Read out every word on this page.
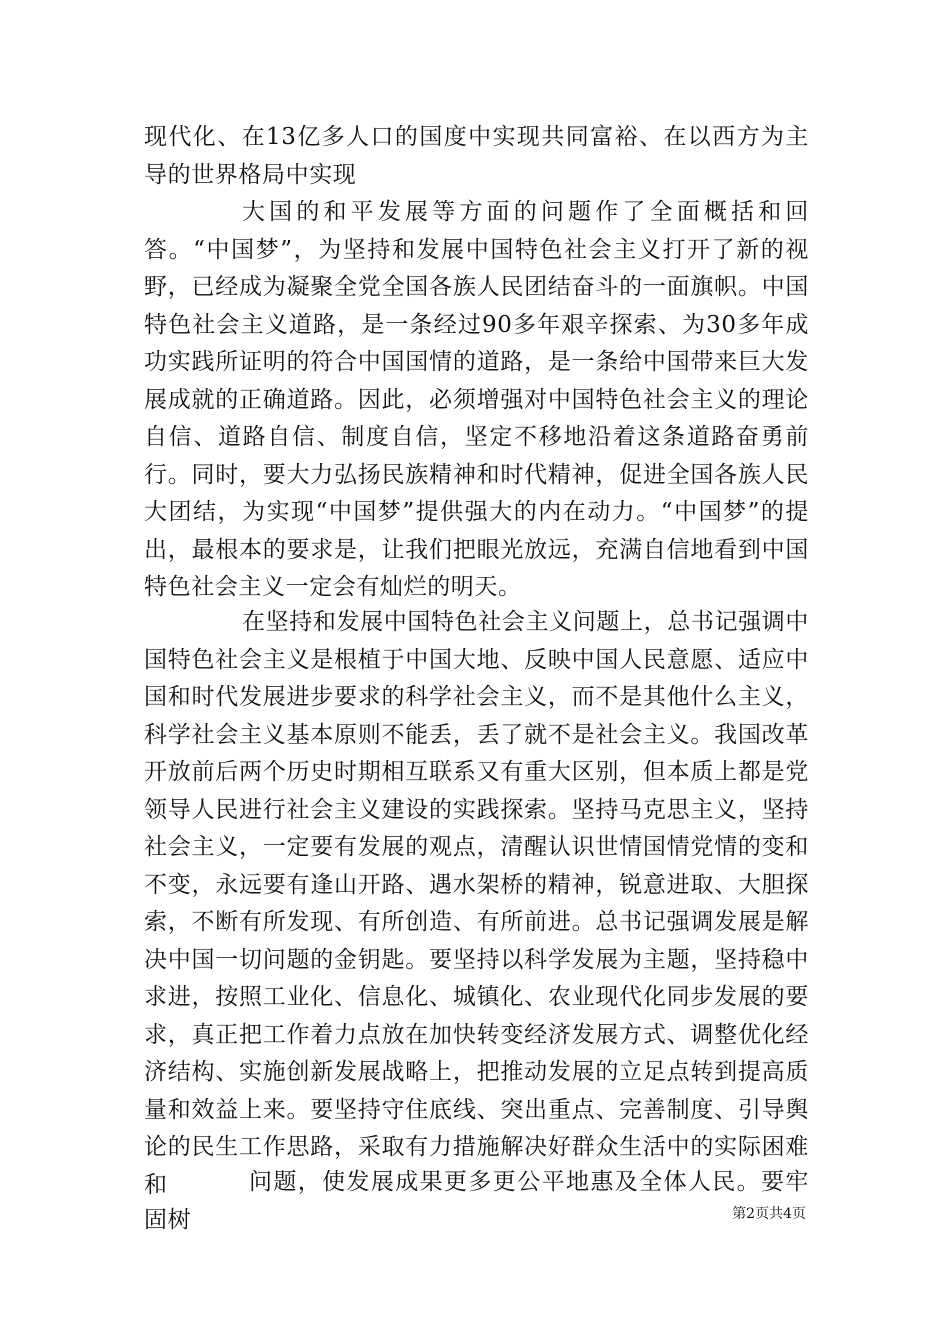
现代化、在13亿多人口的国度中实现共同富裕、在以西方为主导的世界格局中实现

大国的和平发展等方面的问题作了全面概括和回答。“中国梦”，为坚持和发展中国特色社会主义打开了新的视野，已经成为凝聚全党全国各族人民团结奋斗的一面旗帜。中国特色社会主义道路，是一条经过90多年艰辛探索、为30多年成功实践所证明的符合中国国情的道路，是一条给中国带来巨大发展成就的正确道路。因此，必须增强对中国特色社会主义的理论自信、道路自信、制度自信，坚定不移地沿着这条道路奋勇前行。同时，要大力弘扬民族精神和时代精神，促进全国各族人民大团结，为实现“中国梦”提供强大的内在动力。“中国梦”的提出，最根本的要求是，让我们把眼光放远，充满自信地看到中国特色社会主义一定会有灿烂的明天。

在坚持和发展中国特色社会主义问题上，总书记强调中国特色社会主义是根植于中国大地、反映中国人民意愿、适应中国和时代发展进步要求的科学社会主义，而不是其他什么主义，科学社会主义基本原则不能丢，丢了就不是社会主义。我国改革开放前后两个历史时期相互联系又有重大区别，但本质上都是党领导人民进行社会主义建设的实践探索。坚持马克思主义，坚持社会主义，一定要有发展的观点，清醒认识世情国情党情的变和不变，永远要有逢山开路、遇水架桥的精神，锐意进取、大胆探索，不断有所发现、有所创造、有所前进。总书记强调发展是解决中国一切问题的金钥匙。要坚持以科学发展为主题，坚持稳中求进，按照工业化、信息化、城镇化、农业现代化同步发展的要求，真正把工作着力点放在加快转变经济发展方式、调整优化经济结构、实施创新发展战略上，把推动发展的立足点转到提高质量和效益上来。要坚持守住底线、突出重点、完善制度、引导舆论的民生工作思路，采取有力措施解决好群众生活中的实际困难和	问题，使发展成果更多更公平地惠及全体人民。要牢固树	第2页共4页
